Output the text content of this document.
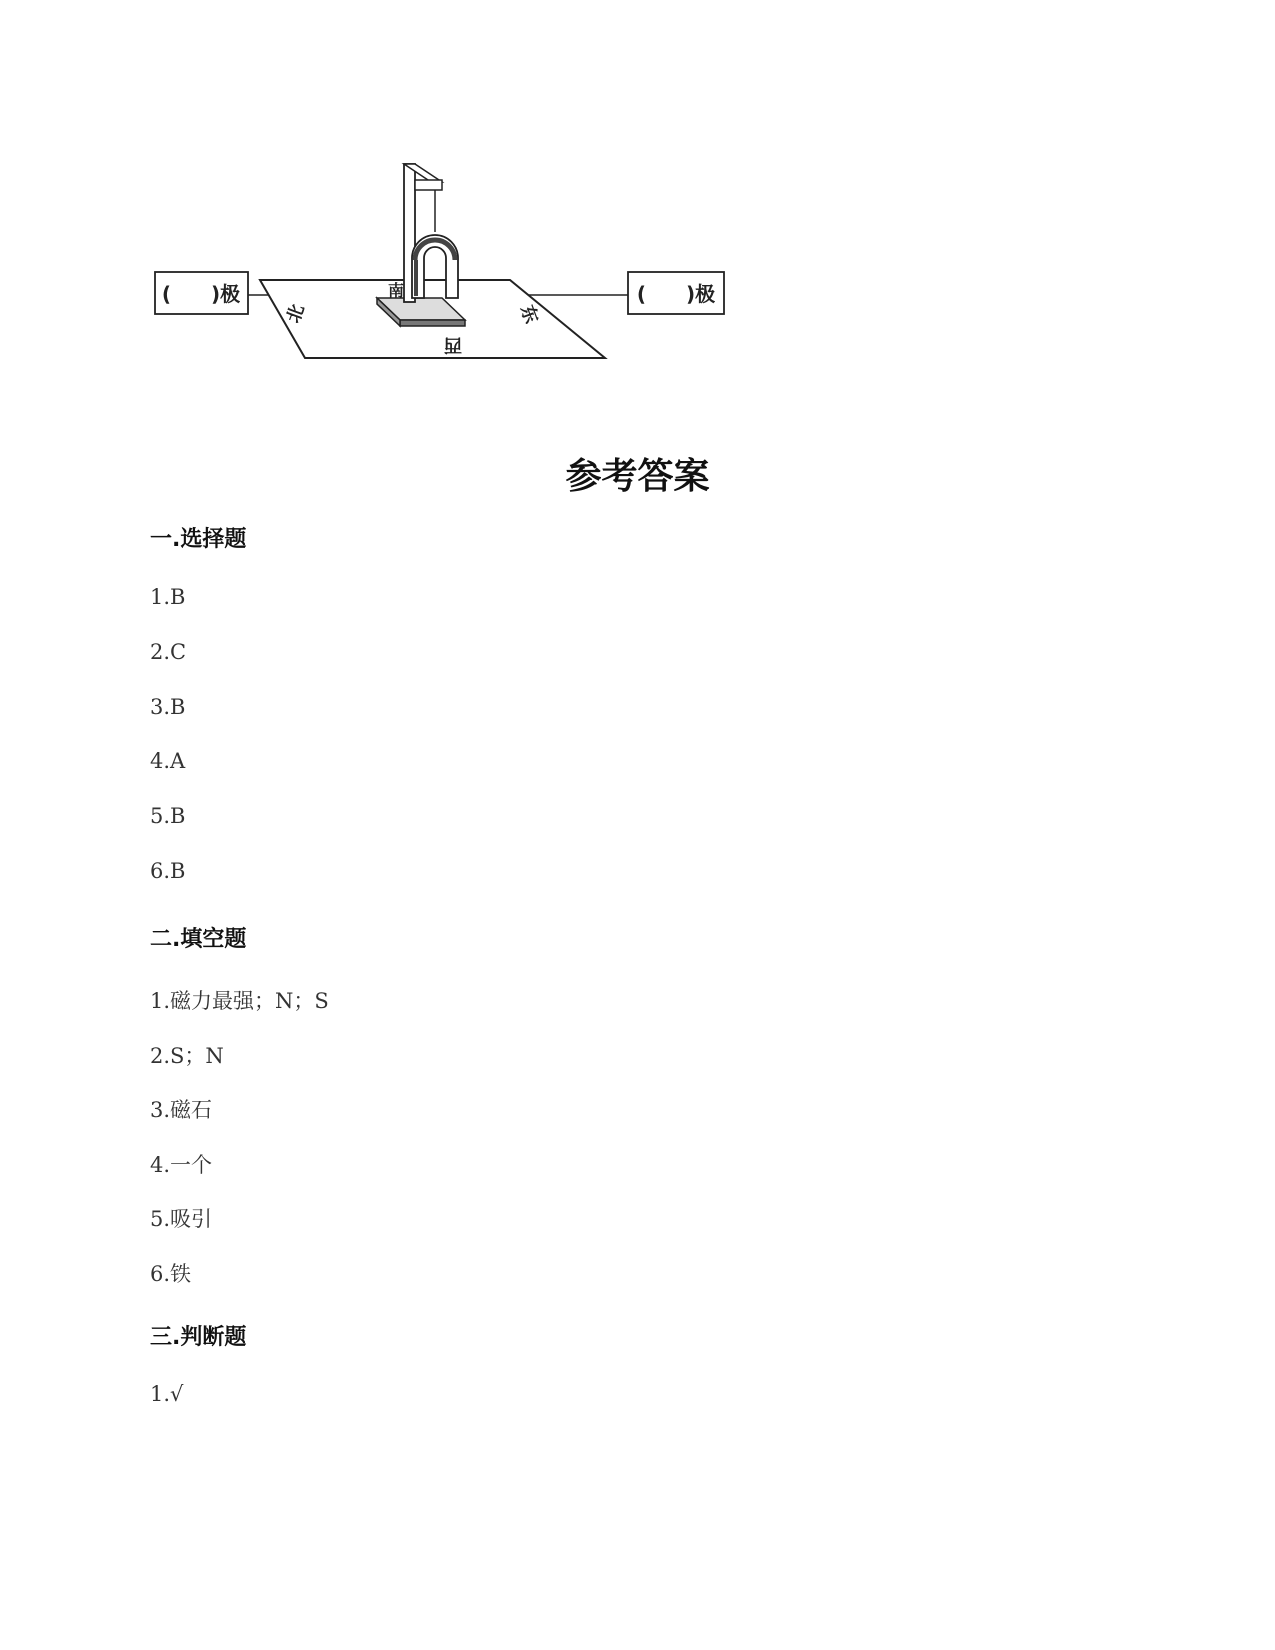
(　　)极	(　　)极
北
南
西
东
参考答案
一.选择题

1.B

2.C

3.B

4.A

5.B

6.B

二.填空题

1.磁力最强；N；S

2.S；N

3.磁石

4.一个

5.吸引

6.铁

三.判断题

1.√
